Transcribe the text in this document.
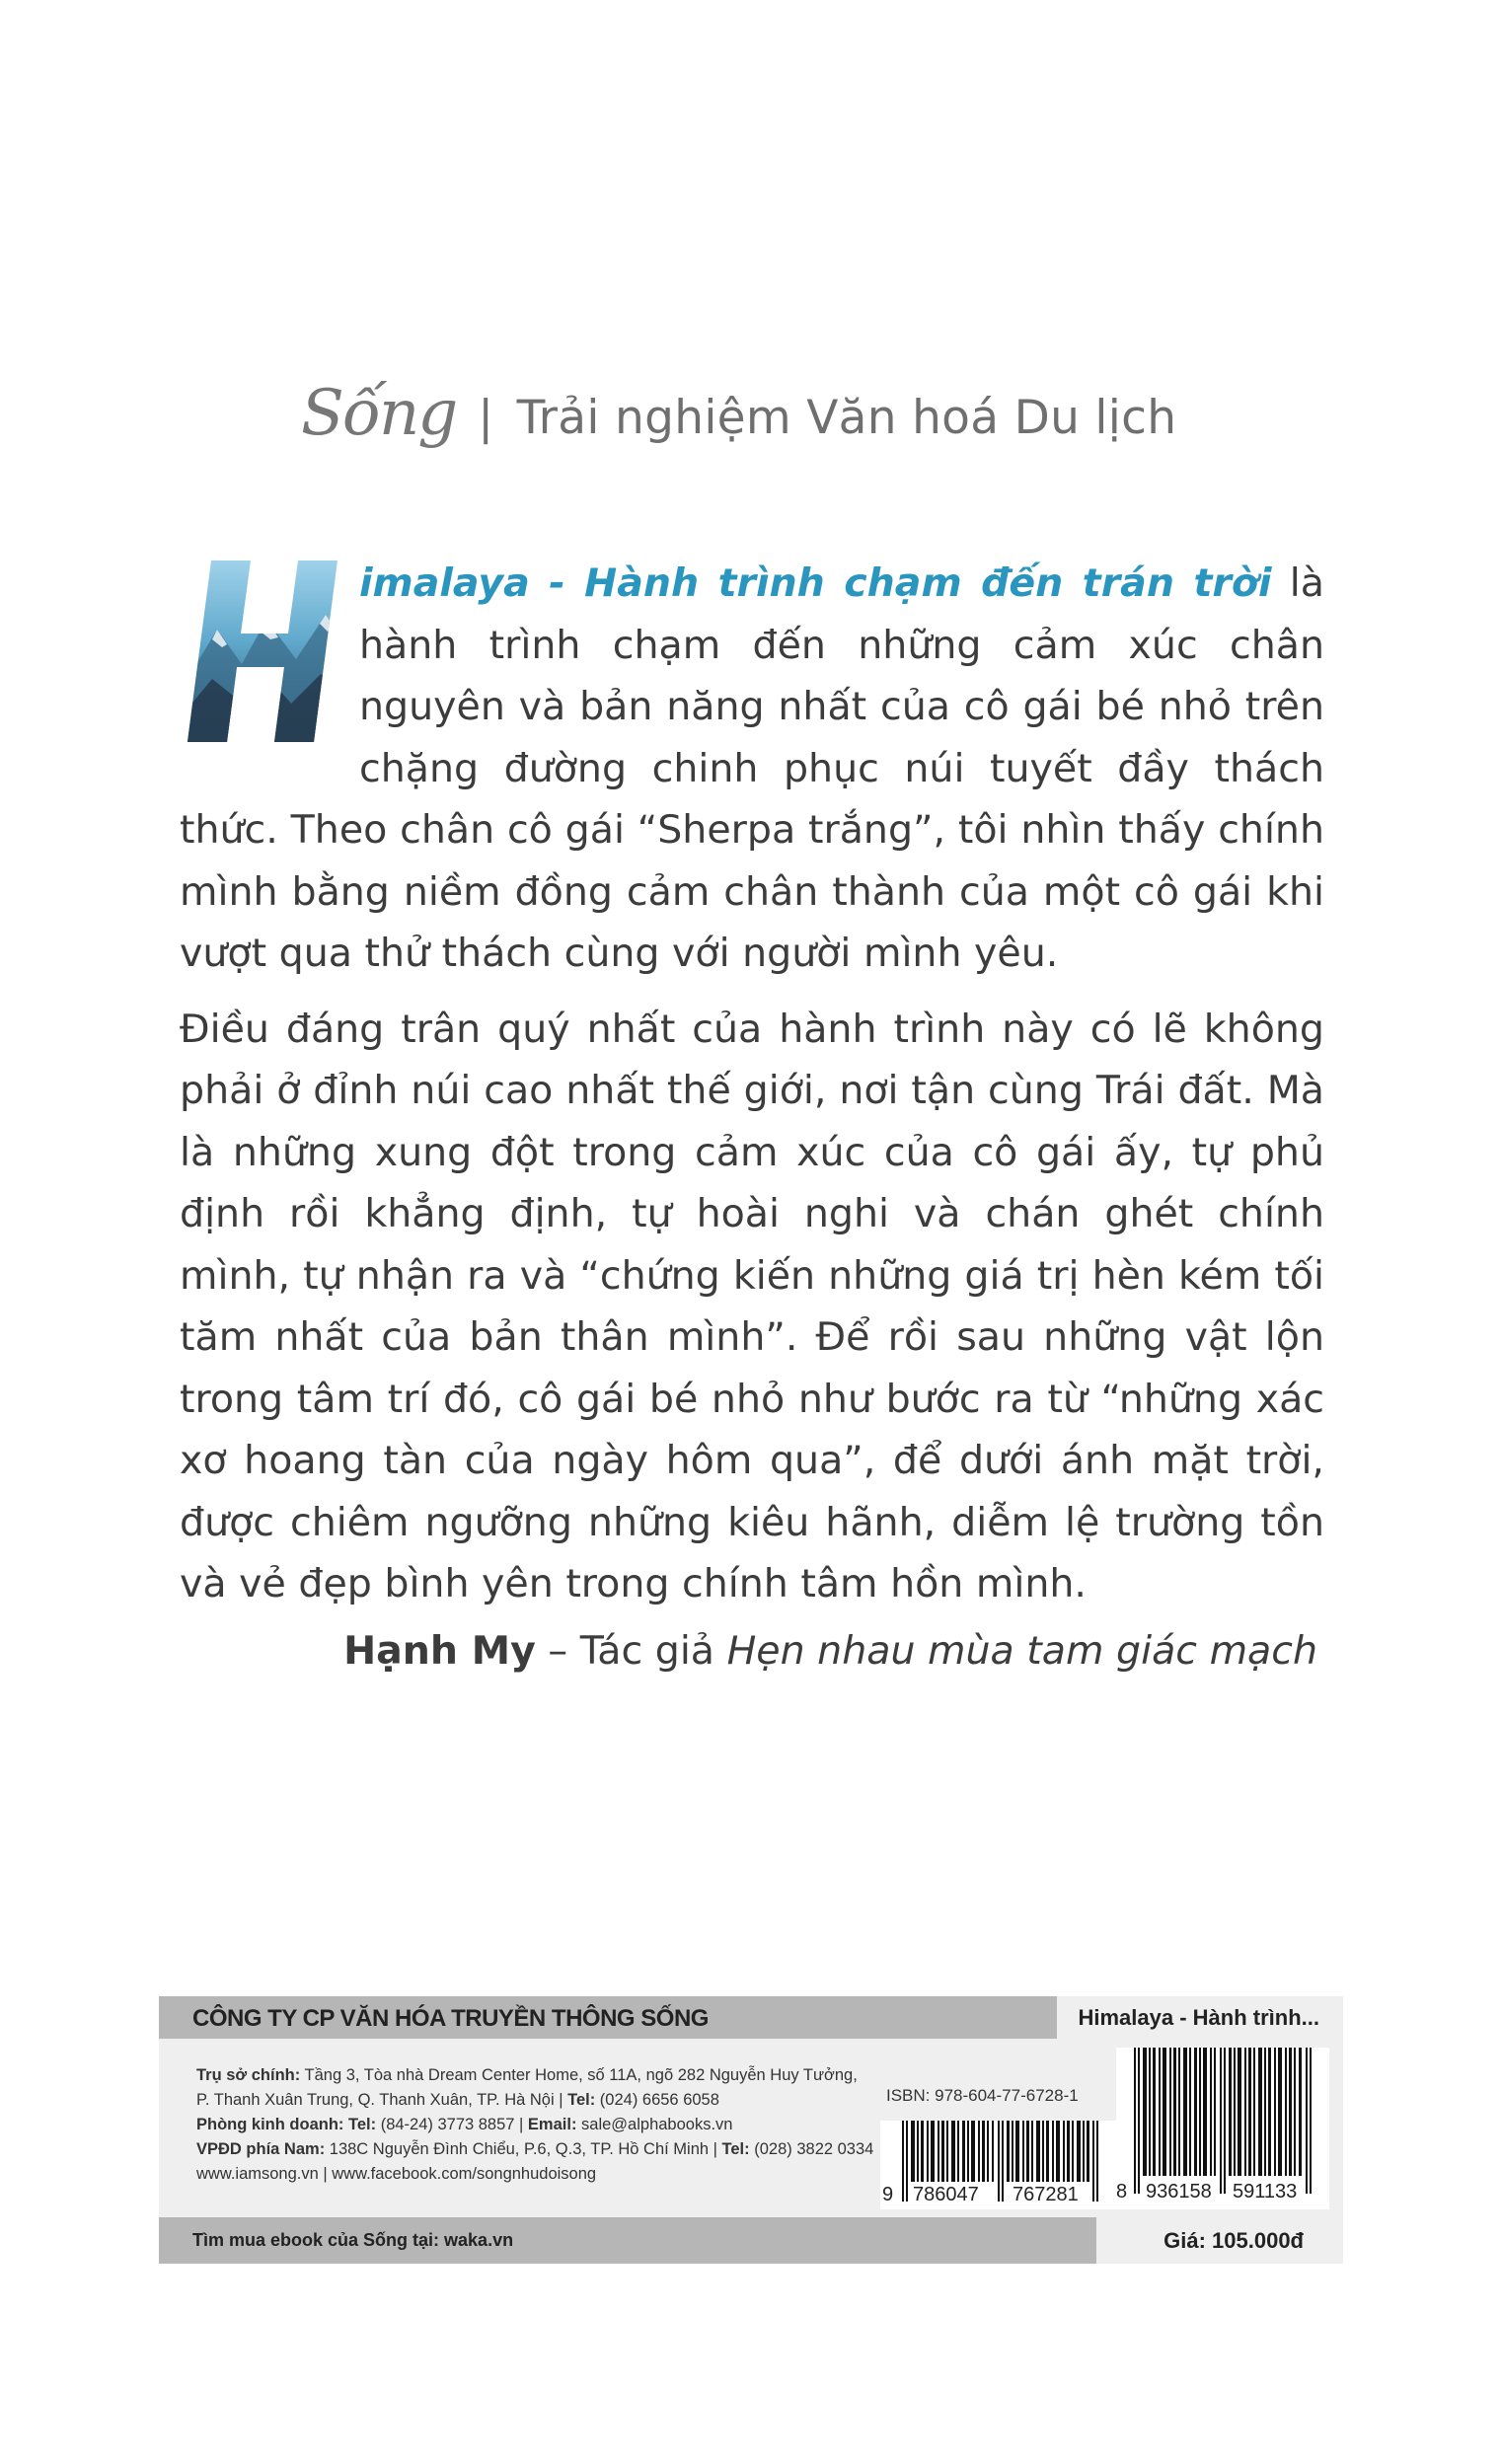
Sống | Trải nghiệm Văn hoá Du lịch

imalaya - Hành trình chạm đến trán trời là hành trình chạm đến những cảm xúc chân nguyên và bản năng nhất của cô gái bé nhỏ trên chặng đường chinh phục núi tuyết đầy thách thức. Theo chân cô gái “Sherpa trắng”, tôi nhìn thấy chính mình bằng niềm đồng cảm chân thành của một cô gái khi vượt qua thử thách cùng với người mình yêu.

Điều đáng trân quý nhất của hành trình này có lẽ không phải ở đỉnh núi cao nhất thế giới, nơi tận cùng Trái đất. Mà là những xung đột trong cảm xúc của cô gái ấy, tự phủ định rồi khẳng định, tự hoài nghi và chán ghét chính mình, tự nhận ra và “chứng kiến những giá trị hèn kém tối tăm nhất của bản thân mình”. Để rồi sau những vật lộn trong tâm trí đó, cô gái bé nhỏ như bước ra từ “những xác xơ hoang tàn của ngày hôm qua”, để dưới ánh mặt trời, được chiêm ngưỡng những kiêu hãnh, diễm lệ trường tồn và vẻ đẹp bình yên trong chính tâm hồn mình.

Hạnh My – Tác giả Hẹn nhau mùa tam giác mạch
CÔNG TY CP VĂN HÓA TRUYỀN THÔNG SỐNG	Himalaya - Hành trình...
Trụ sở chính: Tầng 3, Tòa nhà Dream Center Home, số 11A, ngõ 282 Nguyễn Huy Tưởng,
P. Thanh Xuân Trung, Q. Thanh Xuân, TP. Hà Nội | Tel: (024) 6656 6058
Phòng kinh doanh: Tel: (84-24) 3773 8857 | Email: sale@alphabooks.vn
VPĐD phía Nam: 138C Nguyễn Đình Chiểu, P.6, Q.3, TP. Hồ Chí Minh | Tel: (028) 3822 0334
www.iamsong.vn | www.facebook.com/songnhudoisong
ISBN: 978-604-77-6728-1
9 786047 767281 8 936158 591133
Tìm mua ebook của Sống tại: waka.vn	Giá: 105.000đ
